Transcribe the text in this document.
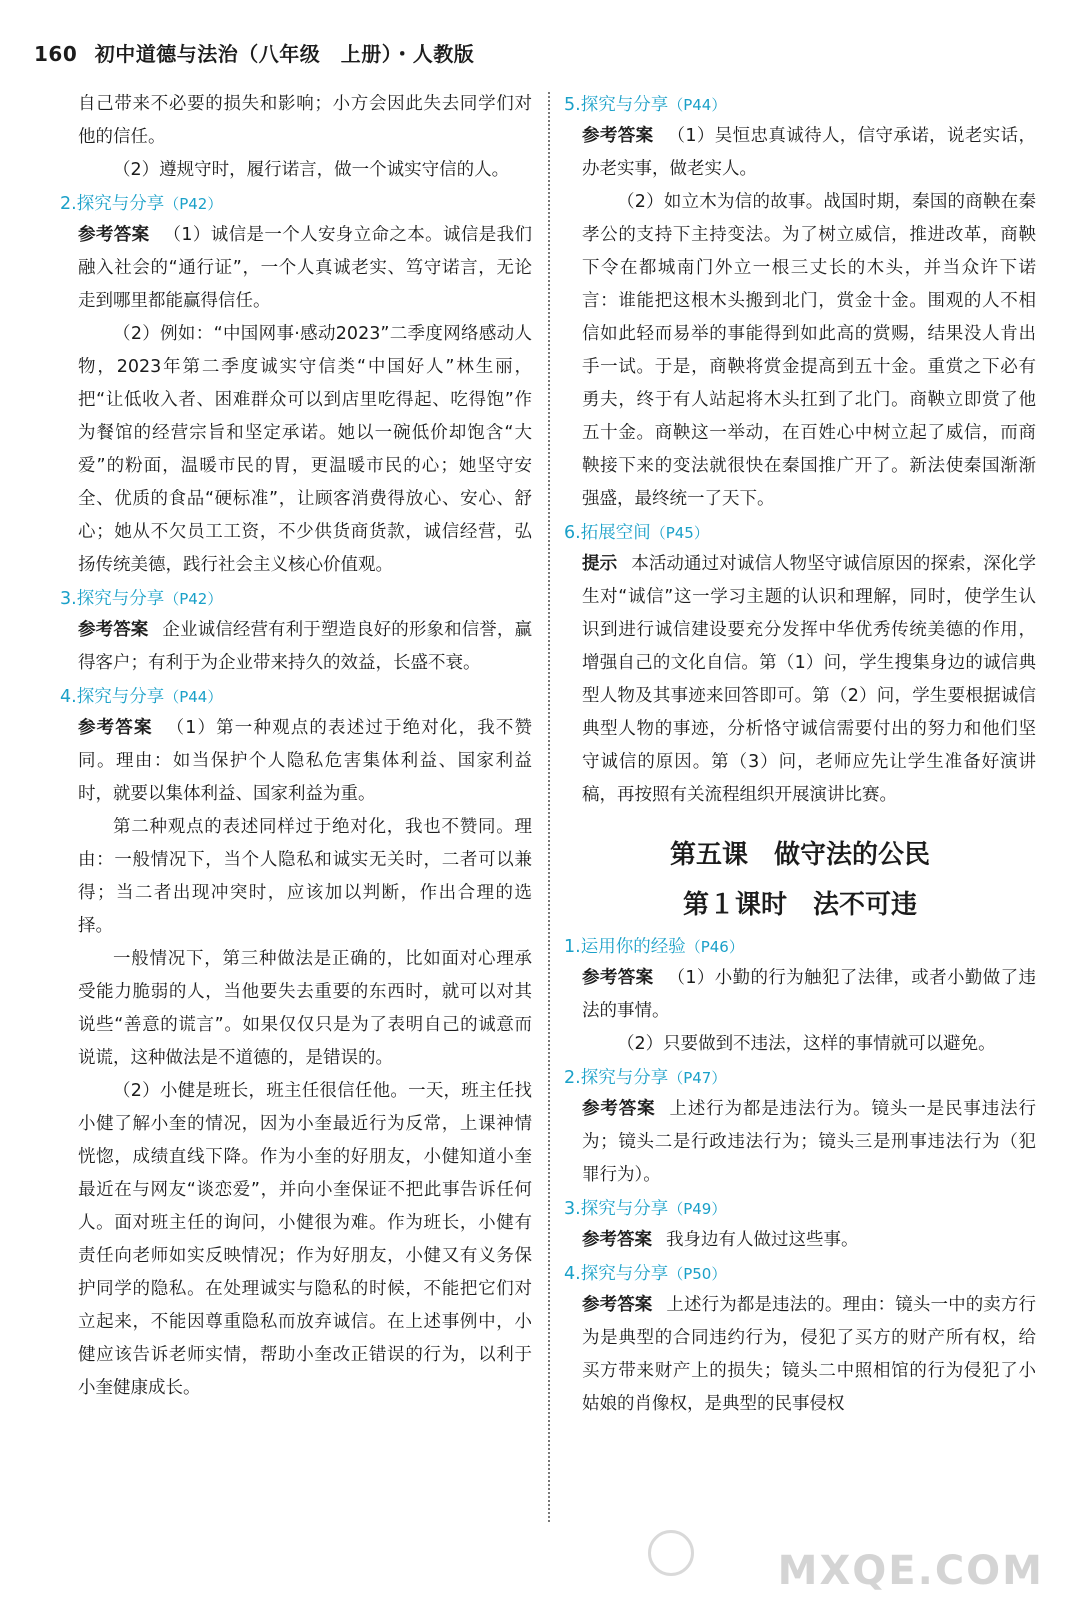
160 初中道德与法治（八年级　上册）・人教版

自己带来不必要的损失和影响；小方会因此失去同学们对他的信任。

（2）遵规守时，履行诺言，做一个诚实守信的人。

2.探究与分享（P42）

参考答案 （1）诚信是一个人安身立命之本。诚信是我们融入社会的“通行证”，一个人真诚老实、笃守诺言，无论走到哪里都能赢得信任。

（2）例如：“中国网事·感动2023”二季度网络感动人物，2023年第二季度诚实守信类“中国好人”林生丽，把“让低收入者、困难群众可以到店里吃得起、吃得饱”作为餐馆的经营宗旨和坚定承诺。她以一碗低价却饱含“大爱”的粉面，温暖市民的胃，更温暖市民的心；她坚守安全、优质的食品“硬标准”，让顾客消费得放心、安心、舒心；她从不欠员工工资，不少供货商货款，诚信经营，弘扬传统美德，践行社会主义核心价值观。

3.探究与分享（P42）

参考答案 企业诚信经营有利于塑造良好的形象和信誉，赢得客户；有利于为企业带来持久的效益，长盛不衰。

4.探究与分享（P44）

参考答案 （1）第一种观点的表述过于绝对化，我不赞同。理由：如当保护个人隐私危害集体利益、国家利益时，就要以集体利益、国家利益为重。

第二种观点的表述同样过于绝对化，我也不赞同。理由：一般情况下，当个人隐私和诚实无关时，二者可以兼得；当二者出现冲突时，应该加以判断，作出合理的选择。

一般情况下，第三种做法是正确的，比如面对心理承受能力脆弱的人，当他要失去重要的东西时，就可以对其说些“善意的谎言”。如果仅仅只是为了表明自己的诚意而说谎，这种做法是不道德的，是错误的。

（2）小健是班长，班主任很信任他。一天，班主任找小健了解小奎的情况，因为小奎最近行为反常，上课神情恍惚，成绩直线下降。作为小奎的好朋友，小健知道小奎最近在与网友“谈恋爱”，并向小奎保证不把此事告诉任何人。面对班主任的询问，小健很为难。作为班长，小健有责任向老师如实反映情况；作为好朋友，小健又有义务保护同学的隐私。在处理诚实与隐私的时候，不能把它们对立起来，不能因尊重隐私而放弃诚信。在上述事例中，小健应该告诉老师实情，帮助小奎改正错误的行为，以利于小奎健康成长。

5.探究与分享（P44）

参考答案 （1）吴恒忠真诚待人，信守承诺，说老实话，办老实事，做老实人。

（2）如立木为信的故事。战国时期，秦国的商鞅在秦孝公的支持下主持变法。为了树立威信，推进改革，商鞅下令在都城南门外立一根三丈长的木头，并当众许下诺言：谁能把这根木头搬到北门，赏金十金。围观的人不相信如此轻而易举的事能得到如此高的赏赐，结果没人肯出手一试。于是，商鞅将赏金提高到五十金。重赏之下必有勇夫，终于有人站起将木头扛到了北门。商鞅立即赏了他五十金。商鞅这一举动，在百姓心中树立起了威信，而商鞅接下来的变法就很快在秦国推广开了。新法使秦国渐渐强盛，最终统一了天下。

6.拓展空间（P45）

提示 本活动通过对诚信人物坚守诚信原因的探索，深化学生对“诚信”这一学习主题的认识和理解，同时，使学生认识到进行诚信建设要充分发挥中华优秀传统美德的作用，增强自己的文化自信。第（1）问，学生搜集身边的诚信典型人物及其事迹来回答即可。第（2）问，学生要根据诚信典型人物的事迹，分析恪守诚信需要付出的努力和他们坚守诚信的原因。第（3）问，老师应先让学生准备好演讲稿，再按照有关流程组织开展演讲比赛。

第五课　做守法的公民
第１课时　法不可违
1.运用你的经验（P46）

参考答案 （1）小勤的行为触犯了法律，或者小勤做了违法的事情。

（2）只要做到不违法，这样的事情就可以避免。

2.探究与分享（P47）

参考答案 上述行为都是违法行为。镜头一是民事违法行为；镜头二是行政违法行为；镜头三是刑事违法行为（犯罪行为）。

3.探究与分享（P49）

参考答案 我身边有人做过这些事。

4.探究与分享（P50）

参考答案 上述行为都是违法的。理由：镜头一中的卖方行为是典型的合同违约行为，侵犯了买方的财产所有权，给买方带来财产上的损失；镜头二中照相馆的行为侵犯了小姑娘的肖像权，是典型的民事侵权

MXQE.COM
